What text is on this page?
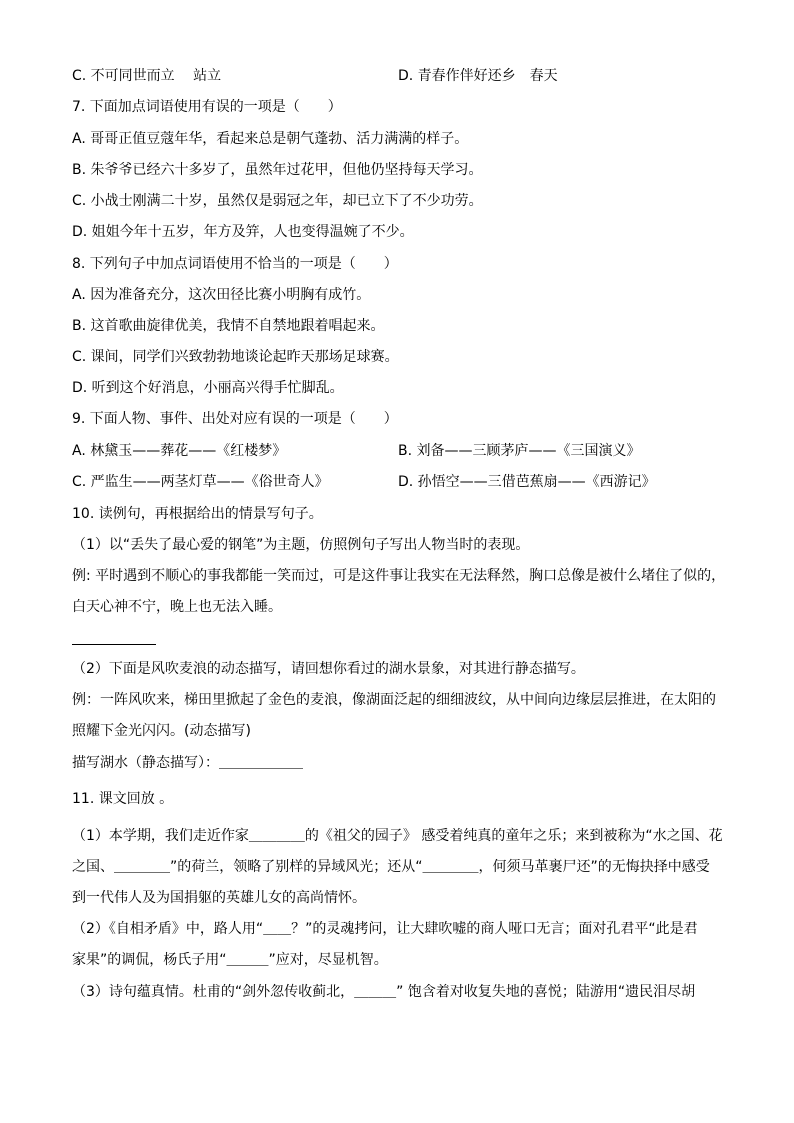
C. 不可同世而立　 站立	D. 青春作伴好还乡　春天
7. 下面加点词语使用有误的一项是（　　）
A. 哥哥正值豆蔻年华，看起来总是朝气蓬勃、活力满满的样子。
B. 朱爷爷已经六十多岁了，虽然年过花甲，但他仍坚持每天学习。
C. 小战士刚满二十岁，虽然仅是弱冠之年，却已立下了不少功劳。
D. 姐姐今年十五岁，年方及笄，人也变得温婉了不少。
8. 下列句子中加点词语使用不恰当的一项是（　　）
A. 因为准备充分，这次田径比赛小明胸有成竹。
B. 这首歌曲旋律优美，我情不自禁地跟着唱起来。
C. 课间，同学们兴致勃勃地谈论起昨天那场足球赛。
D. 听到这个好消息，小丽高兴得手忙脚乱。
9. 下面人物、事件、出处对应有误的一项是（　　）
A. 林黛玉——葬花——《红楼梦》	B. 刘备——三顾茅庐——《三国演义》
C. 严监生——两茎灯草——《俗世奇人》	D. 孙悟空——三借芭蕉扇——《西游记》
10. 读例句，再根据给出的情景写句子。
（1）以“丢失了最心爱的钢笔”为主题，仿照例句子写出人物当时的表现。
例: 平时遇到不顺心的事我都能一笑而过，可是这件事让我实在无法释然，胸口总像是被什么堵住了似的，
白天心神不宁，晚上也无法入睡。
（2）下面是风吹麦浪的动态描写，请回想你看过的湖水景象，对其进行静态描写。
例：一阵风吹来，梯田里掀起了金色的麦浪，像湖面泛起的细细波纹，从中间向边缘层层推进，在太阳的
照耀下金光闪闪。(动态描写)
描写湖水（静态描写）：＿＿＿＿＿＿
11. 课文回放 。
（1）本学期，我们走近作家＿＿＿＿的《祖父的园子》 感受着纯真的童年之乐；来到被称为“水之国、花
之国、＿＿＿＿”的荷兰，领略了别样的异域风光；还从“＿＿＿＿，何须马革裹尸还”的无悔抉择中感受
到一代伟人及为国捐躯的英雄儿女的高尚情怀。
（2）《自相矛盾》中，路人用“＿＿？”的灵魂拷问，让大肆吹嘘的商人哑口无言；面对孔君平“此是君
家果”的调侃，杨氏子用“＿＿＿”应对，尽显机智。
（3）诗句蕴真情。杜甫的“剑外忽传收蓟北，＿＿＿” 饱含着对收复失地的喜悦；陆游用“遗民泪尽胡
